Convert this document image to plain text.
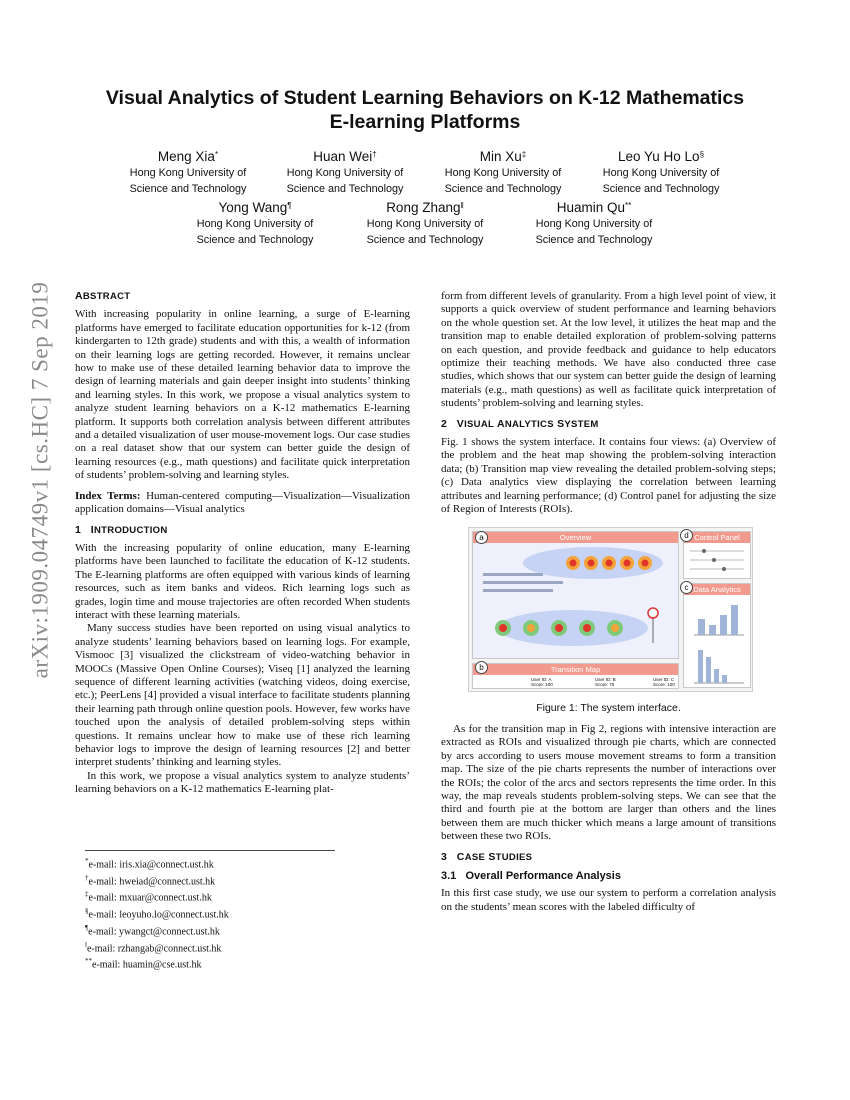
arXiv:1909.04749v1 [cs.HC] 7 Sep 2019
Visual Analytics of Student Learning Behaviors on K-12 Mathematics
E-learning Platforms
Meng Xia*
Hong Kong University of
Science and Technology
Huan Wei†
Hong Kong University of
Science and Technology
Min Xu‡
Hong Kong University of
Science and Technology
Leo Yu Ho Lo§
Hong Kong University of
Science and Technology
Yong Wang¶
Hong Kong University of
Science and Technology
Rong Zhang‖
Hong Kong University of
Science and Technology
Huamin Qu**
Hong Kong University of
Science and Technology
ABSTRACT

With increasing popularity in online learning, a surge of E-learning platforms have emerged to facilitate education opportunities for k-12 (from kindergarten to 12th grade) students and with this, a wealth of information on their learning logs are getting recorded. However, it remains unclear how to make use of these detailed learning behavior data to improve the design of learning materials and gain deeper insight into students’ thinking and learning styles. In this work, we propose a visual analytics system to analyze student learning behaviors on a K-12 mathematics E-learning platform. It supports both correlation analysis between different attributes and a detailed visualization of user mouse-movement logs. Our case studies on a real dataset show that our system can better guide the design of learning resources (e.g., math questions) and facilitate quick interpretation of students’ problem-solving and learning styles.

Index Terms: Human-centered computing—Visualization—Visualization application domains—Visual analytics

1 INTRODUCTION

With the increasing popularity of online education, many E-learning platforms have been launched to facilitate the education of K-12 students. The E-learning platforms are often equipped with various kinds of learning resources, such as item banks and videos. Rich learning logs such as grades, login time and mouse trajectories are often recorded When students interact with these learning materials.

Many success studies have been reported on using visual analytics to analyze students’ learning behaviors based on learning logs. For example, Vismooc [3] visualized the clickstream of video-watching behavior in MOOCs (Massive Open Online Courses); Viseq [1] analyzed the learning sequence of different learning activities (watching videos, doing exercise, etc.); PeerLens [4] provided a visual interface to facilitate students planning their learning path through online question pools. However, few works have touched upon the analysis of detailed problem-solving steps within questions. It remains unclear how to make use of these rich learning behavior logs to improve the design of learning resources [2] and better interpret students’ thinking and learning styles.

In this work, we propose a visual analytics system to analyze students’ learning behaviors on a K-12 mathematics E-learning plat-

*e-mail: iris.xia@connect.ust.hk
†e-mail: hweiad@connect.ust.hk
‡e-mail: mxuar@connect.ust.hk
§e-mail: leoyuho.lo@connect.ust.hk
¶e-mail: ywangct@connect.ust.hk
‖e-mail: rzhangab@connect.ust.hk
**e-mail: huamin@cse.ust.hk

form from different levels of granularity. From a high level point of view, it supports a quick overview of student performance and learning behaviors on the whole question set. At the low level, it utilizes the heat map and the transition map to enable detailed exploration of problem-solving patterns on each question, and provide feedback and guidance to help educators optimize their teaching methods. We have also conducted three case studies, which shows that our system can better guide the design of learning materials (e.g., math questions) as well as facilitate quick interpretation of students’ problem-solving and learning styles.

2 VISUAL ANALYTICS SYSTEM

Fig. 1 shows the system interface. It contains four views: (a) Overview of the problem and the heat map showing the problem-solving interaction data; (b) Transition map view revealing the detailed problem-solving steps; (c) Data analytics view displaying the correlation between learning attributes and learning performance; (d) Control panel for adjusting the size of Region of Interests (ROIs).

Overview	Control Panel
Data Analytics
Transition Map
User ID: A
Score: 100
User ID: B
Score: 75
User ID: C
Score: 100
a
b
c
d
Figure 1: The system interface.

As for the transition map in Fig 2, regions with intensive interaction are extracted as ROIs and visualized through pie charts, which are connected by arcs according to users mouse movement streams to form a transition map. The size of the pie charts represents the number of interactions over the ROIs; the color of the arcs and sectors represents the time order. In this way, the map reveals students problem-solving steps. We can see that the third and fourth pie at the bottom are larger than others and the lines between them are much thicker which means a large amount of transitions between these two ROIs.

3 CASE STUDIES
3.1 Overall Performance Analysis

In this first case study, we use our system to perform a correlation analysis on the students’ mean scores with the labeled difficulty of
